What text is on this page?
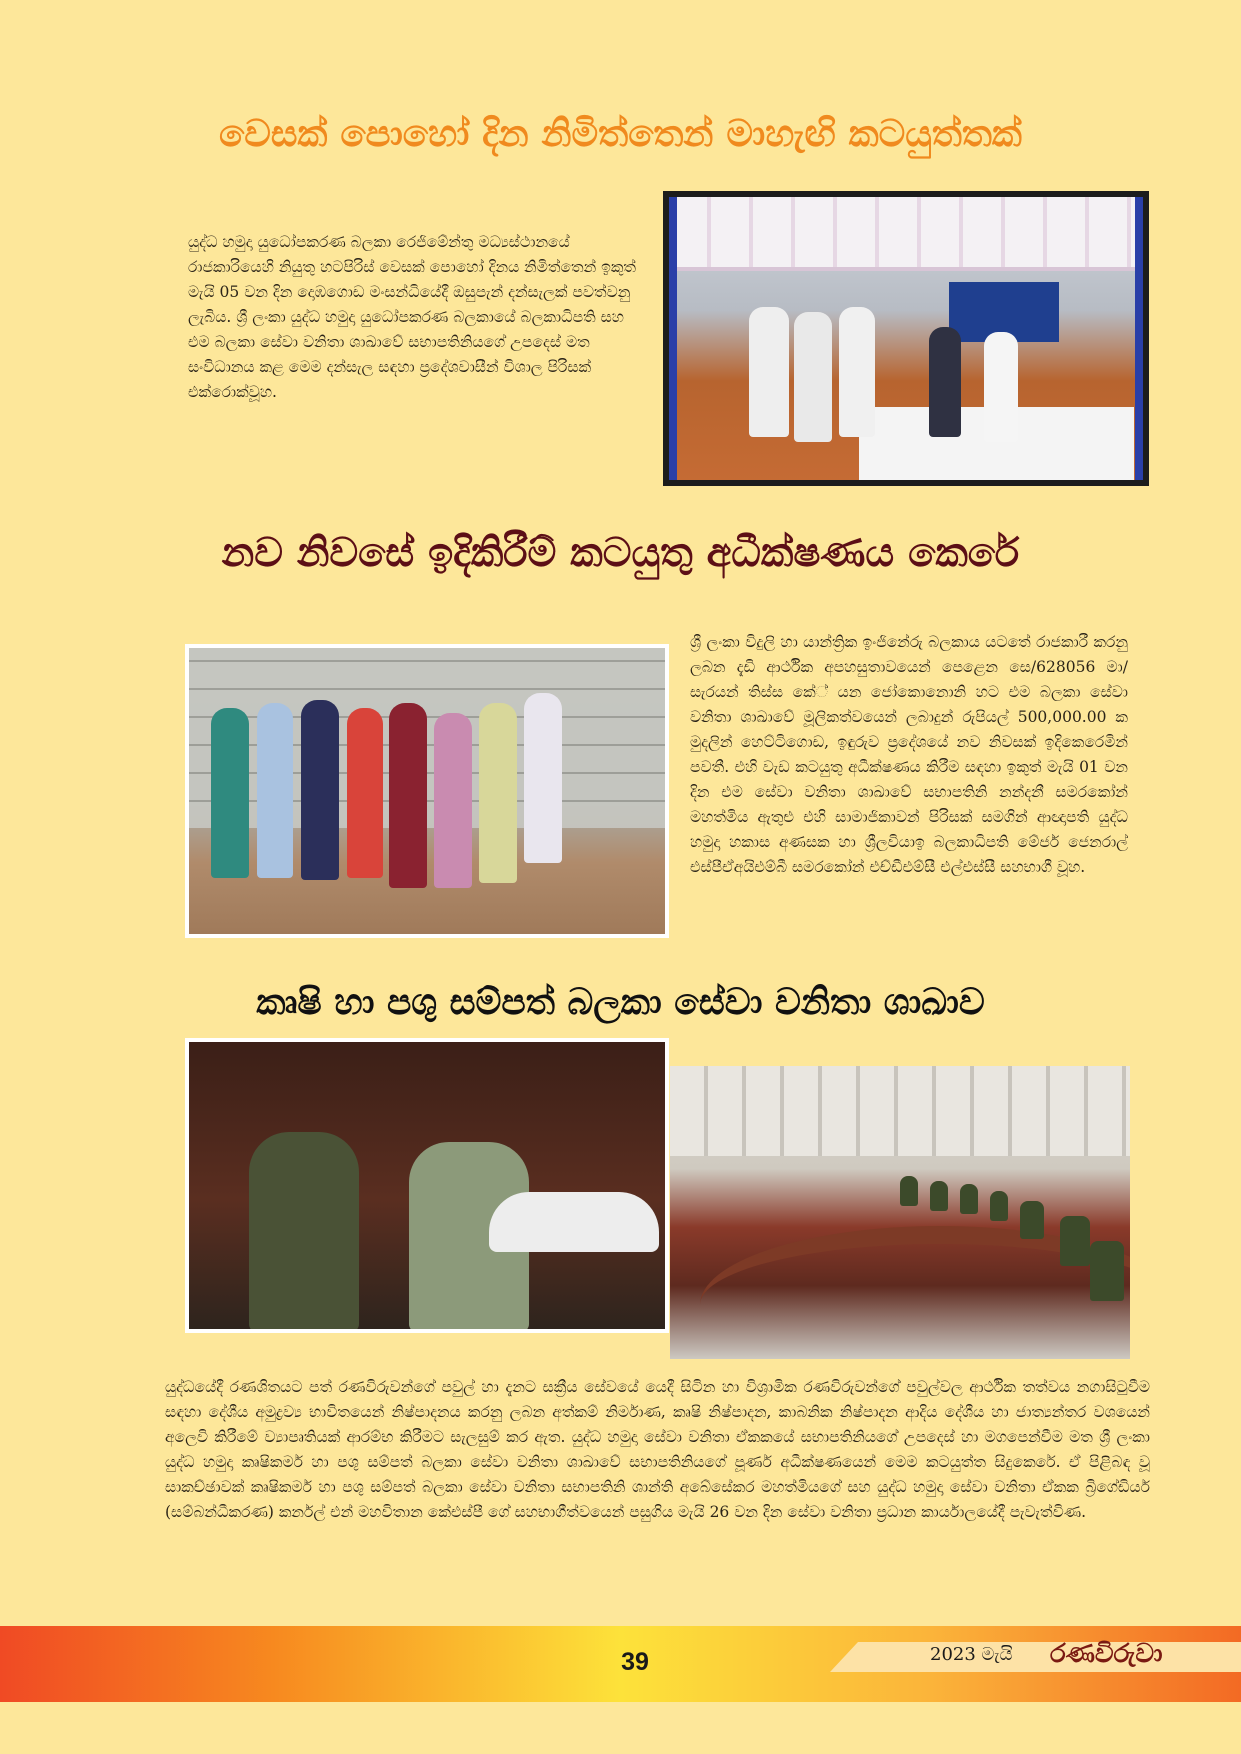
වෙසක් පොහෝ දින නිමිත්තෙන් මාහැඟි කටයුත්තක්

යුද්ධ හමුදා යුධෝපකරණ බලකා රෙජිමේන්තු මධ්‍යස්ථානයේ රාජකාරියෙහි නියුතු හටපිරිස් වෙසක් පොහෝ දිනය නිමිත්තෙන් ඉකුත් මැයි 05 වන දින දොඹගොඩ මංසන්ධියේදී ඔසුපැන් දන්සැලක් පවත්වනු ලැබිය. ශ්‍රී ලංකා යුද්ධ හමුදා යුධෝපකරණ බලකායේ බලකාධිපති සහ එම බලකා සේවා වනිතා ශාඛාවේ සභාපතිනියගේ උපදෙස් මත සංවිධානය කළ මෙම දන්සැල සඳහා ප්‍රදේශවාසීන් විශාල පිරිසක් එක්රොක්වූහ.

නව නිවසේ ඉදිකිරීම් කටයුතු අධීක්ෂණය කෙරේ

ශ්‍රී ලංකා විදුලි හා යාන්ත්‍රික ඉංජිනේරු බලකාය යටතේ රාජකාරී කරනු ලබන දැඩි ආර්ථික අපහසුතාවයෙන් පෙළෙන සෙ/628056 මා/සැරයන් තිස්ස කේ් යන ජෝකොනොනි හට එම බලකා සේවා වනිතා ශාඛාවේ මූලිකත්වයෙන් ලබාදුන් රුපියල් 500,000.00 ක මුදලින් හෙට්ටිගොඩ, ඉඳුරුව ප්‍රදේශයේ නව නිවසක් ඉදිකෙරෙමින් පවතී. එහි වැඩ කටයුතු අධීක්ෂණය කිරීම සඳහා ඉකුත් මැයි 01 වන දින එම සේවා වනිතා ශාඛාවේ සභාපතිනි නන්දනී සමරකෝන් මහත්මිය ඇතුළු එහි සාමාජිකාවන් පිරිසක් සමගින් ආඥාපති යුද්ධ හමුදා හකාස අණසක හා ශ්‍රීලවියාඉ බලකාධිපති මේජර් ජෙනරාල් එස්පීඒඅයිඑම්බී සමරකෝන් එච්ඩීඑම්සී එල්එස්සී සහභාගී වූහ.

කෘෂි හා පශු සම්පත් බලකා සේවා වනිතා ශාඛාව

යුද්ධයේදී රණශිතයට පත් රණවිරුවන්ගේ පවුල් හා දැනට සක්‍රීය සේවයේ යෙදී සිටින හා විශ්‍රාමික රණවිරුවන්ගේ පවුල්වල ආර්ථික තත්වය නගාසිටුවීම සඳහා දේශීය අමුද්‍රව්‍ය භාවිතයෙන් නිෂ්පාදනය කරනු ලබන අත්කම් නිර්මාණ, කෘෂි නිෂ්පාදන, කාබනික නිෂ්පාදන ආදිය දේශීය හා ජාත්‍යන්තර වශයෙන් අලෙවි කිරීමේ ව්‍යාපෘතියක් ආරම්භ කිරීමට සැලසුම් කර ඇත. යුද්ධ හමුදා සේවා වනිතා ඒකකයේ සභාපතිනියගේ උපදෙස් හා මගපෙන්වීම මත ශ්‍රී ලංකා යුද්ධ හමුදා කෘෂිකර්ම හා පශු සම්පත් බලකා සේවා වනිතා ශාඛාවේ සභාපතිනියගේ පූර්ණ අධීක්ෂණයෙන් මෙම කටයුත්ත සිදුකෙරේ. ඒ පිළිබඳ වූ සාකච්ඡාවක් කෘෂිකර්ම හා පශු සම්පත් බලකා සේවා වනිතා සභාපතිනි ශාන්ති අබේසේකර මහත්මියගේ සහ යුද්ධ හමුදා සේවා වනිතා ඒකක බ්‍රිගේඩියර් (සම්බන්ධීකරණ) කර්නල් එන් මහවිතාන කේඑස්පී ගේ සහභාගීත්වයෙන් පසුගිය මැයි 26 වන දින සේවා වනිතා ප්‍රධාන කාර්යාලයේදී පැවැත්විණ.

39	2023 මැයි රණවිරුවා
